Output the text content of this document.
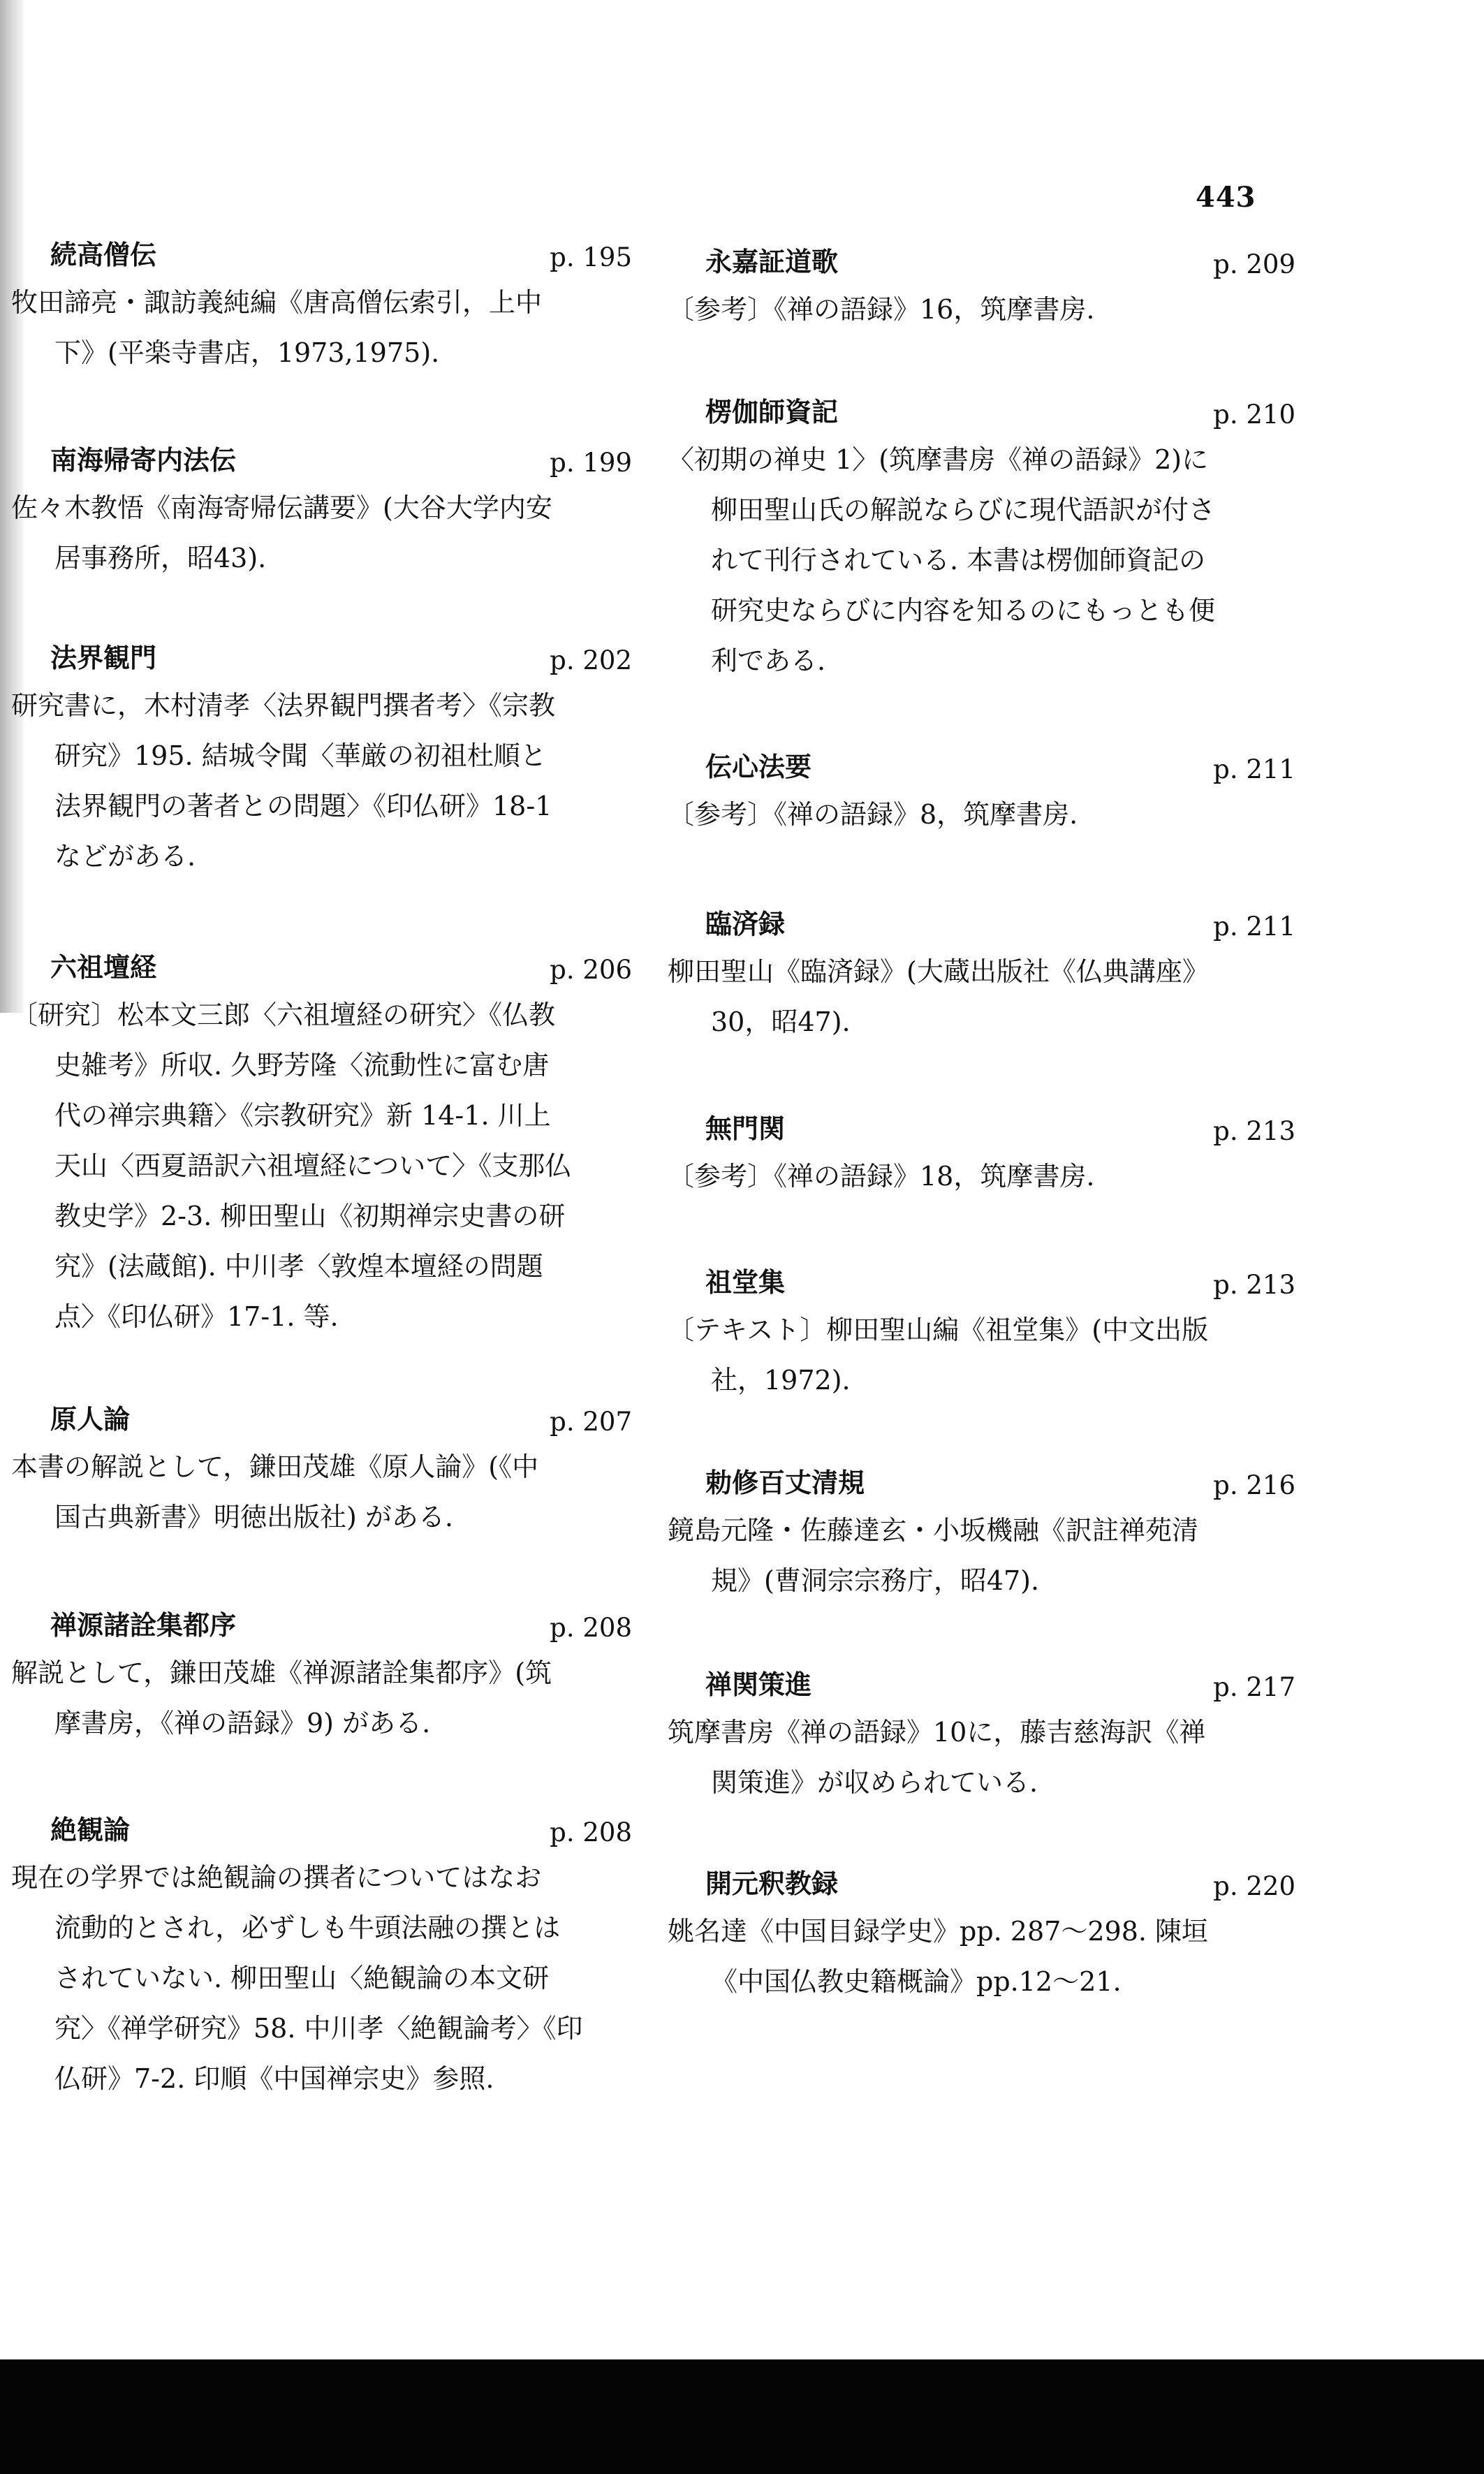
443
続高僧伝	p. 195
牧田諦亮・諏訪義純編《唐高僧伝索引，上中
下》(平楽寺書店，1973,1975).
南海帰寄内法伝	p. 199
佐々木教悟《南海寄帰伝講要》(大谷大学内安
居事務所，昭43).
法界観門	p. 202
研究書に，木村清孝〈法界観門撰者考〉《宗教
研究》195. 結城令聞〈華厳の初祖杜順と
法界観門の著者との問題〉《印仏研》18-1
などがある.
六祖壇経	p. 206
〔研究〕松本文三郎〈六祖壇経の研究〉《仏教
史雑考》所収. 久野芳隆〈流動性に富む唐
代の禅宗典籍〉《宗教研究》新 14-1. 川上
天山〈西夏語訳六祖壇経について〉《支那仏
教史学》2-3. 柳田聖山《初期禅宗史書の研
究》(法蔵館). 中川孝〈敦煌本壇経の問題
点〉《印仏研》17-1. 等.
原人論	p. 207
本書の解説として，鎌田茂雄《原人論》(《中
国古典新書》明徳出版社) がある.
禅源諸詮集都序	p. 208
解説として，鎌田茂雄《禅源諸詮集都序》(筑
摩書房，《禅の語録》9) がある.
絶観論	p. 208
現在の学界では絶観論の撰者についてはなお
流動的とされ，必ずしも牛頭法融の撰とは
されていない. 柳田聖山〈絶観論の本文研
究〉《禅学研究》58. 中川孝〈絶観論考〉《印
仏研》7-2. 印順《中国禅宗史》参照.
永嘉証道歌	p. 209
〔参考〕《禅の語録》16，筑摩書房.
楞伽師資記	p. 210
〈初期の禅史 1〉(筑摩書房《禅の語録》2)に
柳田聖山氏の解説ならびに現代語訳が付さ
れて刊行されている. 本書は楞伽師資記の
研究史ならびに内容を知るのにもっとも便
利である.
伝心法要	p. 211
〔参考〕《禅の語録》8，筑摩書房.
臨済録	p. 211
柳田聖山《臨済録》(大蔵出版社《仏典講座》
30，昭47).
無門関	p. 213
〔参考〕《禅の語録》18，筑摩書房.
祖堂集	p. 213
〔テキスト〕柳田聖山編《祖堂集》(中文出版
社，1972).
勅修百丈清規	p. 216
鏡島元隆・佐藤達玄・小坂機融《訳註禅苑清
規》(曹洞宗宗務庁，昭47).
禅関策進	p. 217
筑摩書房《禅の語録》10に，藤吉慈海訳《禅
関策進》が収められている.
開元釈教録	p. 220
姚名達《中国目録学史》pp. 287〜298. 陳垣
《中国仏教史籍概論》pp.12〜21.
